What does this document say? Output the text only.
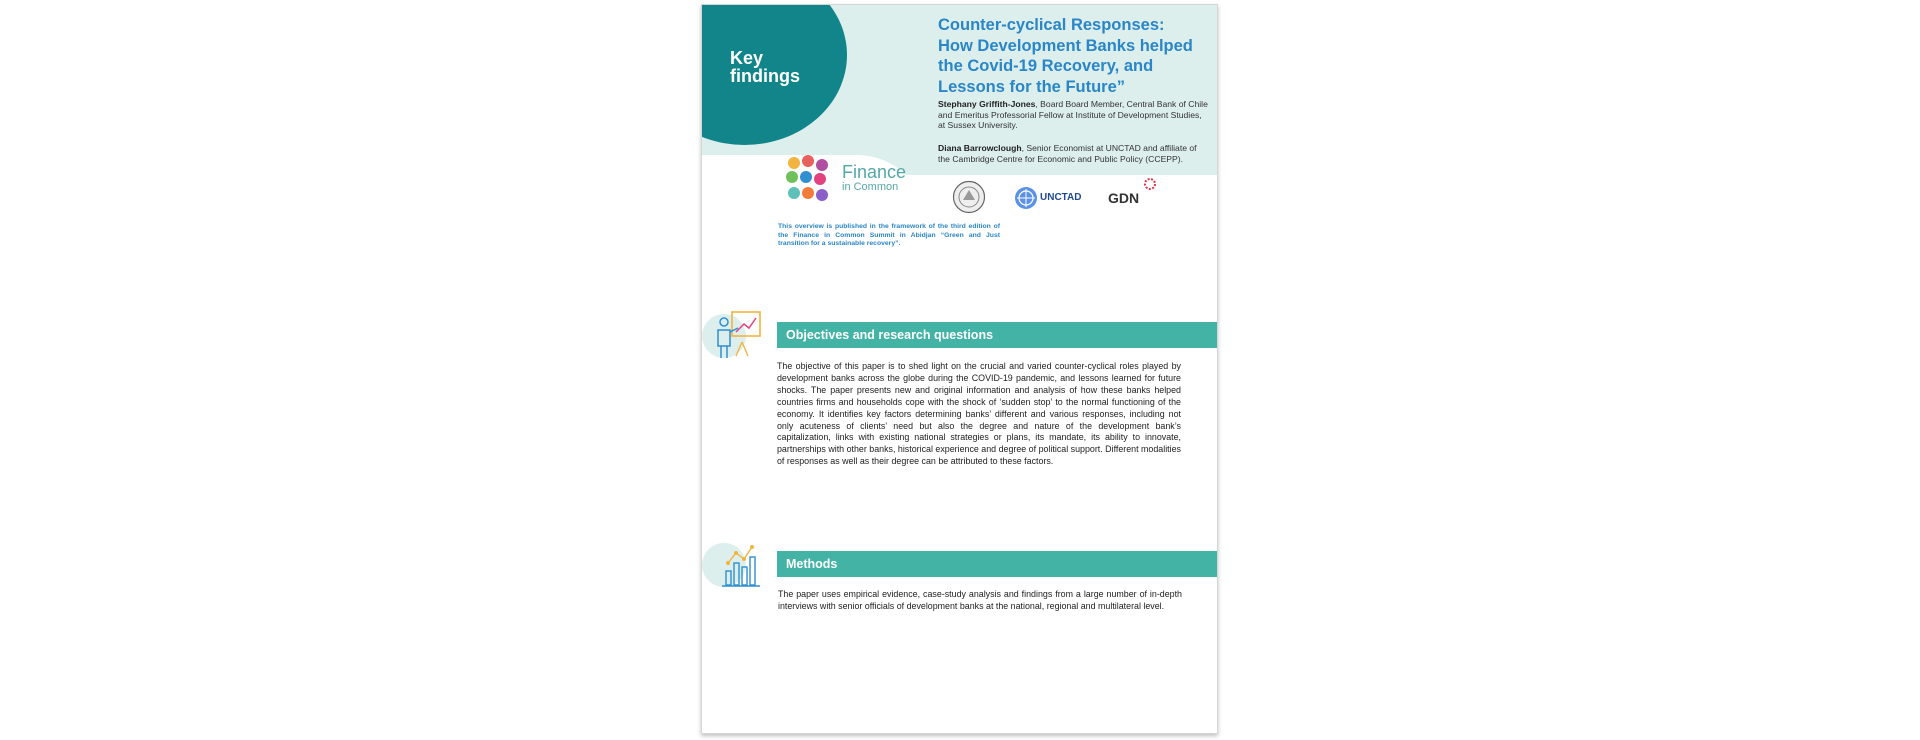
Key
findings
Counter-cyclical Responses:
How Development Banks helped
the Covid-19 Recovery, and
Lessons for the Future”
Stephany Griffith-Jones, Board Board Member, Central Bank of Chile and Emeritus Professorial Fellow at Institute of Development Studies, at Sussex University.
Diana Barrowclough, Senior Economist at UNCTAD and affiliate of the Cambridge Centre for Economic and Public Policy (CCEPP).
Finance
in Common
UNCTAD GDN
This overview is published in the framework of the third edition of the Finance in Common Summit in Abidjan “Green and Just transition for a sustainable recovery”.
Objectives and research questions
The objective of this paper is to shed light on the crucial and varied counter-cyclical roles played by development banks across the globe during the COVID-19 pandemic, and lessons learned for future shocks. The paper presents new and original information and analysis of how these banks helped countries firms and households cope with the shock of ‘sudden stop’ to the normal functioning of the economy. It identifies key factors determining banks’ different and various responses, including not only acuteness of clients’ need but also the degree and nature of the development bank’s capitalization, links with existing national strategies or plans, its mandate, its ability to innovate, partnerships with other banks, historical experience and degree of political support. Different modalities of responses as well as their degree can be attributed to these factors.
Methods
The paper uses empirical evidence, case-study analysis and findings from a large number of in-depth interviews with senior officials of development banks at the national, regional and multilateral level.
